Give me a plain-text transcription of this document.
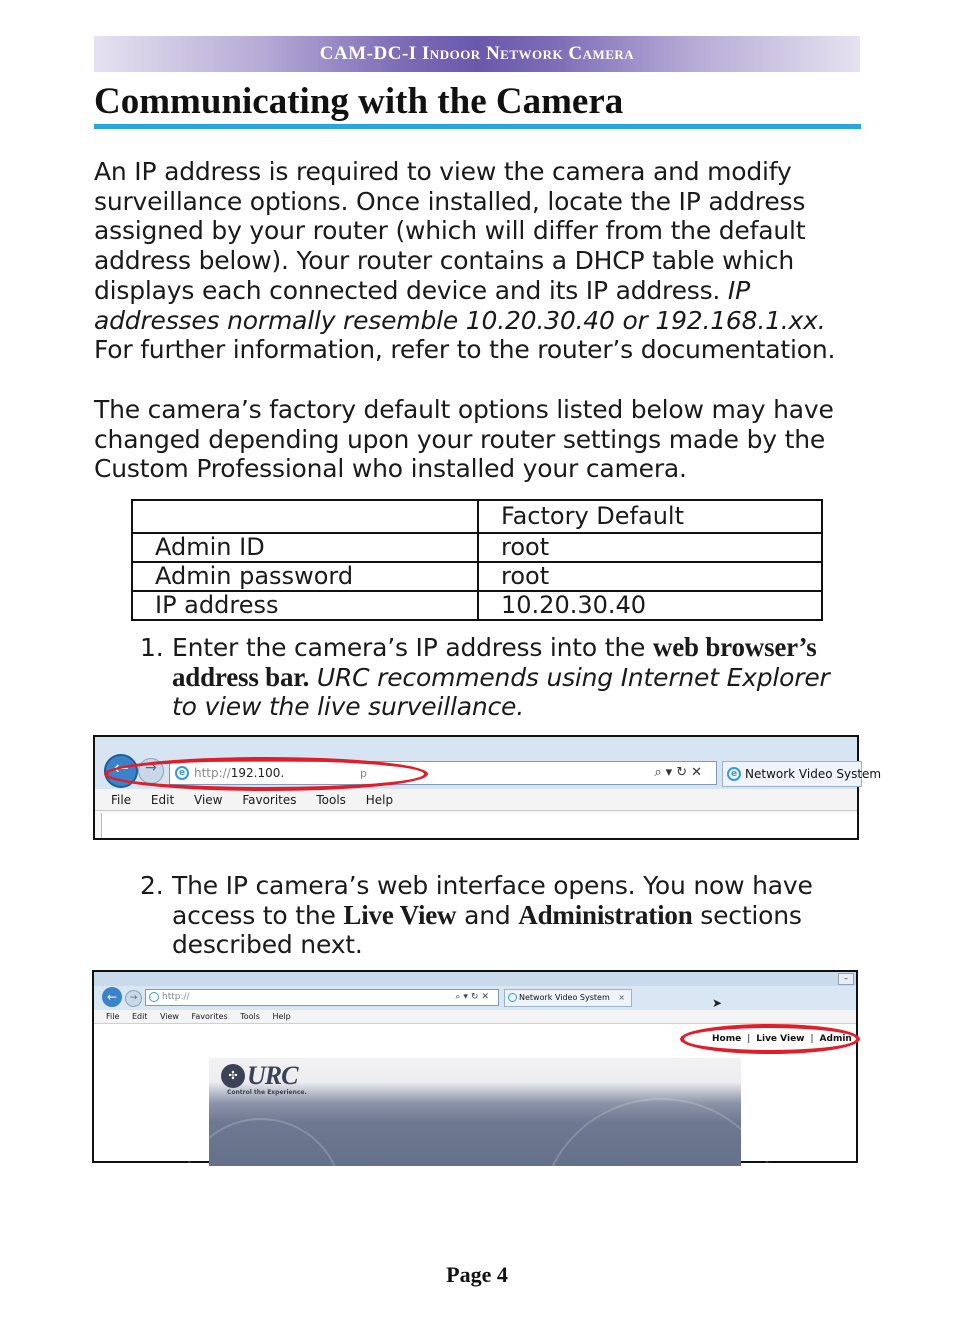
CAM-DC-I Indoor Network Camera
Communicating with the Camera

An IP address is required to view the camera and modify surveillance options. Once installed, locate the IP address assigned by your router (which will differ from the default address below). Your router contains a DHCP table which displays each connected device and its IP address. IP addresses normally resemble 10.20.30.40 or 192.168.1.xx. For further information, refer to the router’s documentation.

The camera’s factory default options listed below may have changed depending upon your router settings made by the Custom Professional who installed your camera.

	Factory Default
Admin ID	root
Admin password	root
IP address	10.20.30.40
1. Enter the camera’s IP address into the web browser’s address bar. URC recommends using Internet Explorer to view the live surveillance.
←	→	e http://192.100.	p	⌕▾↻✕	e Network Video System
File Edit View Favorites Tools Help
2. The IP camera’s web interface opens. You now have access to the Live View and Administration sections described next.
–
←	→	http://	⌕▾↻✕	Network Video System ×
File Edit View Favorites Tools Help
➤
Home | Live View | Admin
✣ URC
Control the Experience.

Page 4
